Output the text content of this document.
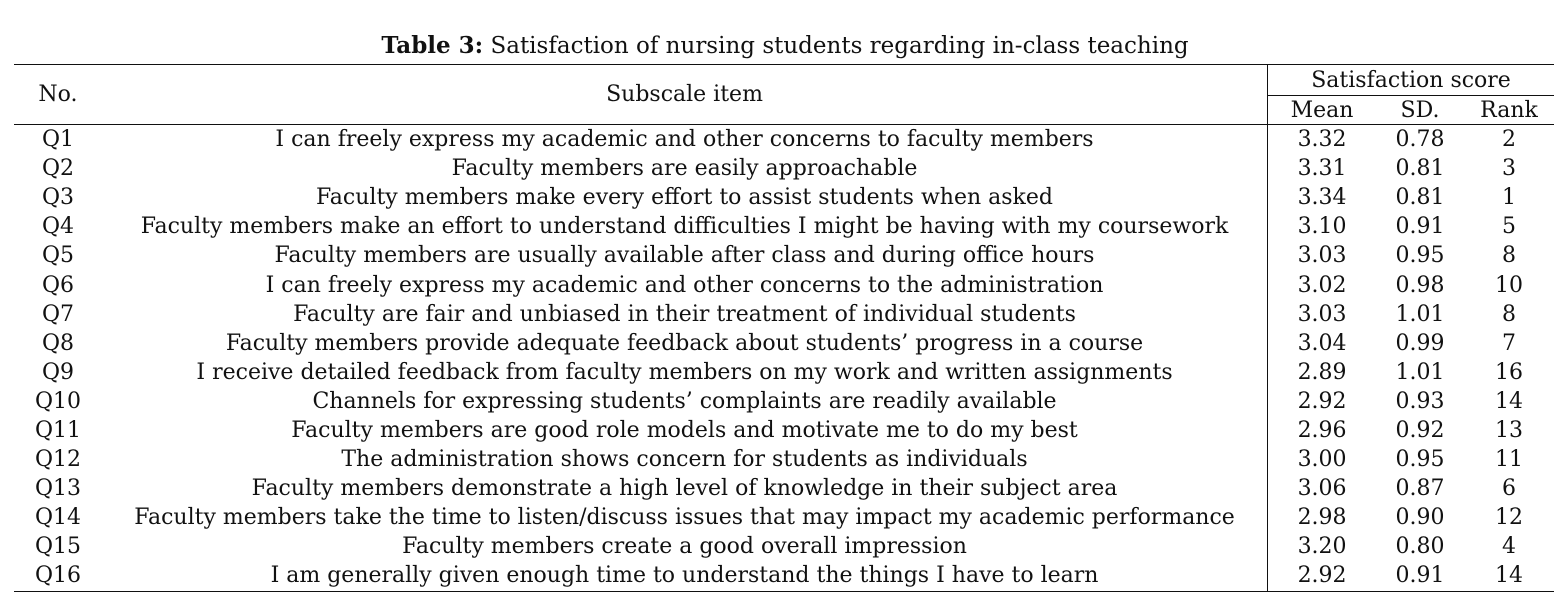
Table 3: Satisfaction of nursing students regarding in-class teaching
No.	Subscale item	Satisfaction score		
		Mean	SD.	Rank
Q1	I can freely express my academic and other concerns to faculty members	3.32	0.78	2
Q2	Faculty members are easily approachable	3.31	0.81	3
Q3	Faculty members make every effort to assist students when asked	3.34	0.81	1
Q4	Faculty members make an effort to understand difficulties I might be having with my coursework	3.10	0.91	5
Q5	Faculty members are usually available after class and during office hours	3.03	0.95	8
Q6	I can freely express my academic and other concerns to the administration	3.02	0.98	10
Q7	Faculty are fair and unbiased in their treatment of individual students	3.03	1.01	8
Q8	Faculty members provide adequate feedback about students’ progress in a course	3.04	0.99	7
Q9	I receive detailed feedback from faculty members on my work and written assignments	2.89	1.01	16
Q10	Channels for expressing students’ complaints are readily available	2.92	0.93	14
Q11	Faculty members are good role models and motivate me to do my best	2.96	0.92	13
Q12	The administration shows concern for students as individuals	3.00	0.95	11
Q13	Faculty members demonstrate a high level of knowledge in their subject area	3.06	0.87	6
Q14	Faculty members take the time to listen/discuss issues that may impact my academic performance	2.98	0.90	12
Q15	Faculty members create a good overall impression	3.20	0.80	4
Q16	I am generally given enough time to understand the things I have to learn	2.92	0.91	14
